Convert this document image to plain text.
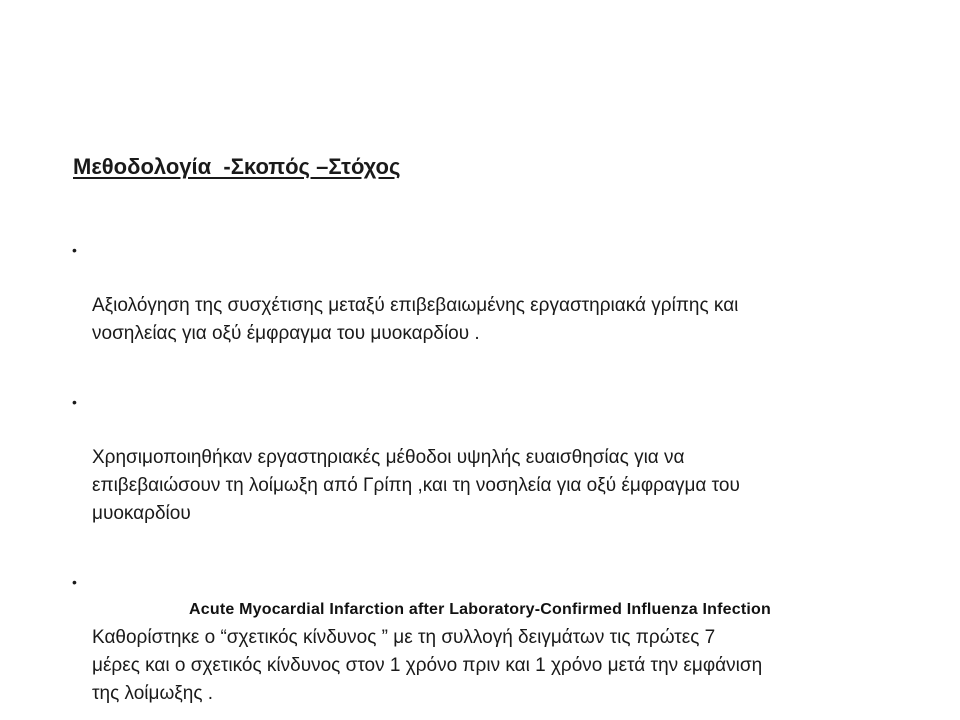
Μεθοδολογία  -Σκοπός –Στόχος

•

Αξιολόγηση της συσχέτισης μεταξύ επιβεβαιωμένης εργαστηριακά γρίπης και
νοσηλείας για οξύ έμφραγμα του μυοκαρδίου .

•

Χρησιμοποιηθήκαν εργαστηριακές μέθοδοι υψηλής ευαισθησίας για να
επιβεβαιώσουν τη λοίμωξη από Γρίπη ,και τη νοσηλεία για οξύ έμφραγμα του
μυοκαρδίου

•

Καθορίστηκε ο “σχετικός κίνδυνος ” με τη συλλογή δειγμάτων τις πρώτες 7
μέρες και ο σχετικός κίνδυνος στον 1 χρόνο πριν και 1 χρόνο μετά την εμφάνιση
της λοίμωξης .

Acute Myocardial Infarction after Laboratory-Confirmed Influenza Infection
